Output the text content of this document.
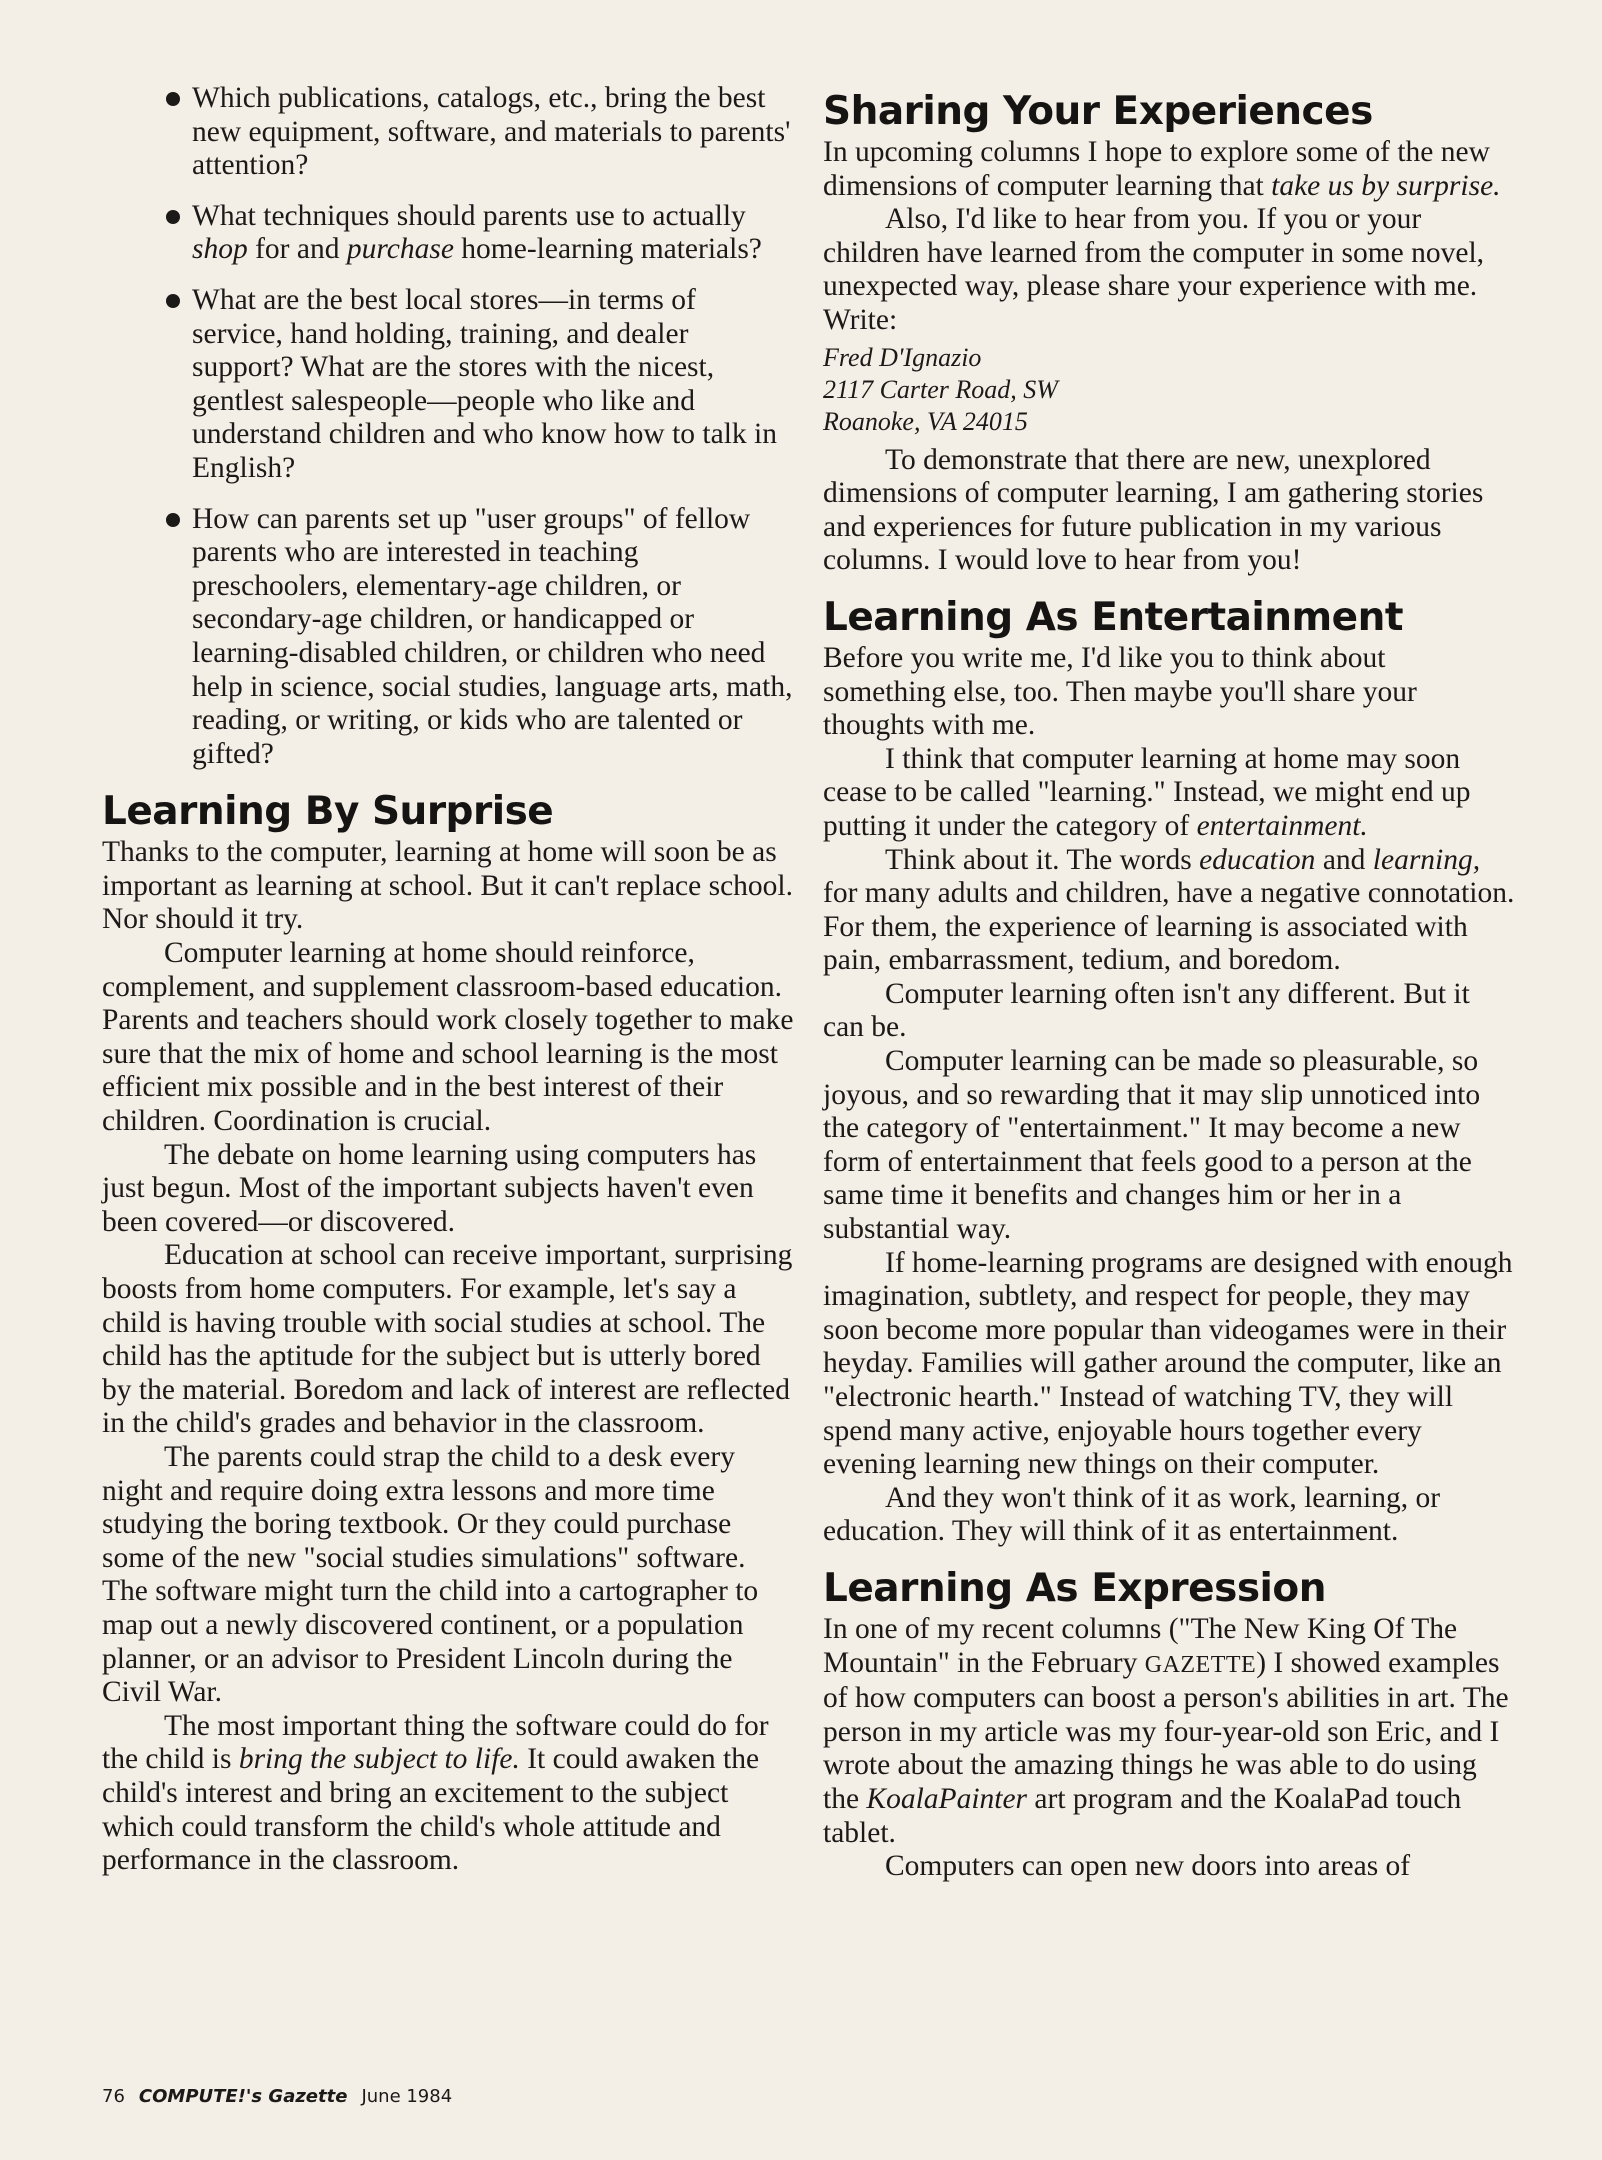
Which publications, catalogs, etc., bring the best new equipment, software, and materials to parents' attention?
What techniques should parents use to actually shop for and purchase home-learning materials?
What are the best local stores—in terms of service, hand holding, training, and dealer support? What are the stores with the nicest, gentlest salespeople—people who like and understand children and who know how to talk in English?
How can parents set up "user groups" of fellow parents who are interested in teaching preschoolers, elementary-age children, or secondary-age children, or handicapped or learning-disabled children, or children who need help in science, social studies, language arts, math, reading, or writing, or kids who are talented or gifted?
Learning By Surprise

Thanks to the computer, learning at home will soon be as important as learning at school. But it can't replace school. Nor should it try.

Computer learning at home should reinforce, complement, and supplement classroom-based education. Parents and teachers should work closely together to make sure that the mix of home and school learning is the most efficient mix possible and in the best interest of their children. Coordination is crucial.

The debate on home learning using computers has just begun. Most of the important subjects haven't even been covered—or discovered.

Education at school can receive important, surprising boosts from home computers. For example, let's say a child is having trouble with social studies at school. The child has the aptitude for the subject but is utterly bored by the material. Boredom and lack of interest are reflected in the child's grades and behavior in the classroom.

The parents could strap the child to a desk every night and require doing extra lessons and more time studying the boring textbook. Or they could purchase some of the new "social studies simulations" software. The software might turn the child into a cartographer to map out a newly discovered continent, or a population planner, or an advisor to President Lincoln during the Civil War.

The most important thing the software could do for the child is bring the subject to life. It could awaken the child's interest and bring an excitement to the subject which could transform the child's whole attitude and performance in the classroom.

Sharing Your Experiences

In upcoming columns I hope to explore some of the new dimensions of computer learning that take us by surprise.

Also, I'd like to hear from you. If you or your children have learned from the computer in some novel, unexpected way, please share your experience with me. Write:

Fred D'Ignazio
2117 Carter Road, SW
Roanoke, VA 24015

To demonstrate that there are new, unexplored dimensions of computer learning, I am gathering stories and experiences for future publication in my various columns. I would love to hear from you!

Learning As Entertainment

Before you write me, I'd like you to think about something else, too. Then maybe you'll share your thoughts with me.

I think that computer learning at home may soon cease to be called "learning." Instead, we might end up putting it under the category of entertainment.

Think about it. The words education and learning, for many adults and children, have a negative connotation. For them, the experience of learning is associated with pain, embarrassment, tedium, and boredom.

Computer learning often isn't any different. But it can be.

Computer learning can be made so pleasurable, so joyous, and so rewarding that it may slip unnoticed into the category of "entertainment." It may become a new form of entertainment that feels good to a person at the same time it benefits and changes him or her in a substantial way.

If home-learning programs are designed with enough imagination, subtlety, and respect for people, they may soon become more popular than videogames were in their heyday. Families will gather around the computer, like an "electronic hearth." Instead of watching TV, they will spend many active, enjoyable hours together every evening learning new things on their computer.

And they won't think of it as work, learning, or education. They will think of it as entertainment.

Learning As Expression

In one of my recent columns ("The New King Of The Mountain" in the February GAZETTE) I showed examples of how computers can boost a person's abilities in art. The person in my article was my four-year-old son Eric, and I wrote about the amazing things he was able to do using the KoalaPainter art program and the KoalaPad touch tablet.

Computers can open new doors into areas of

76 COMPUTE!'s Gazette June 1984
